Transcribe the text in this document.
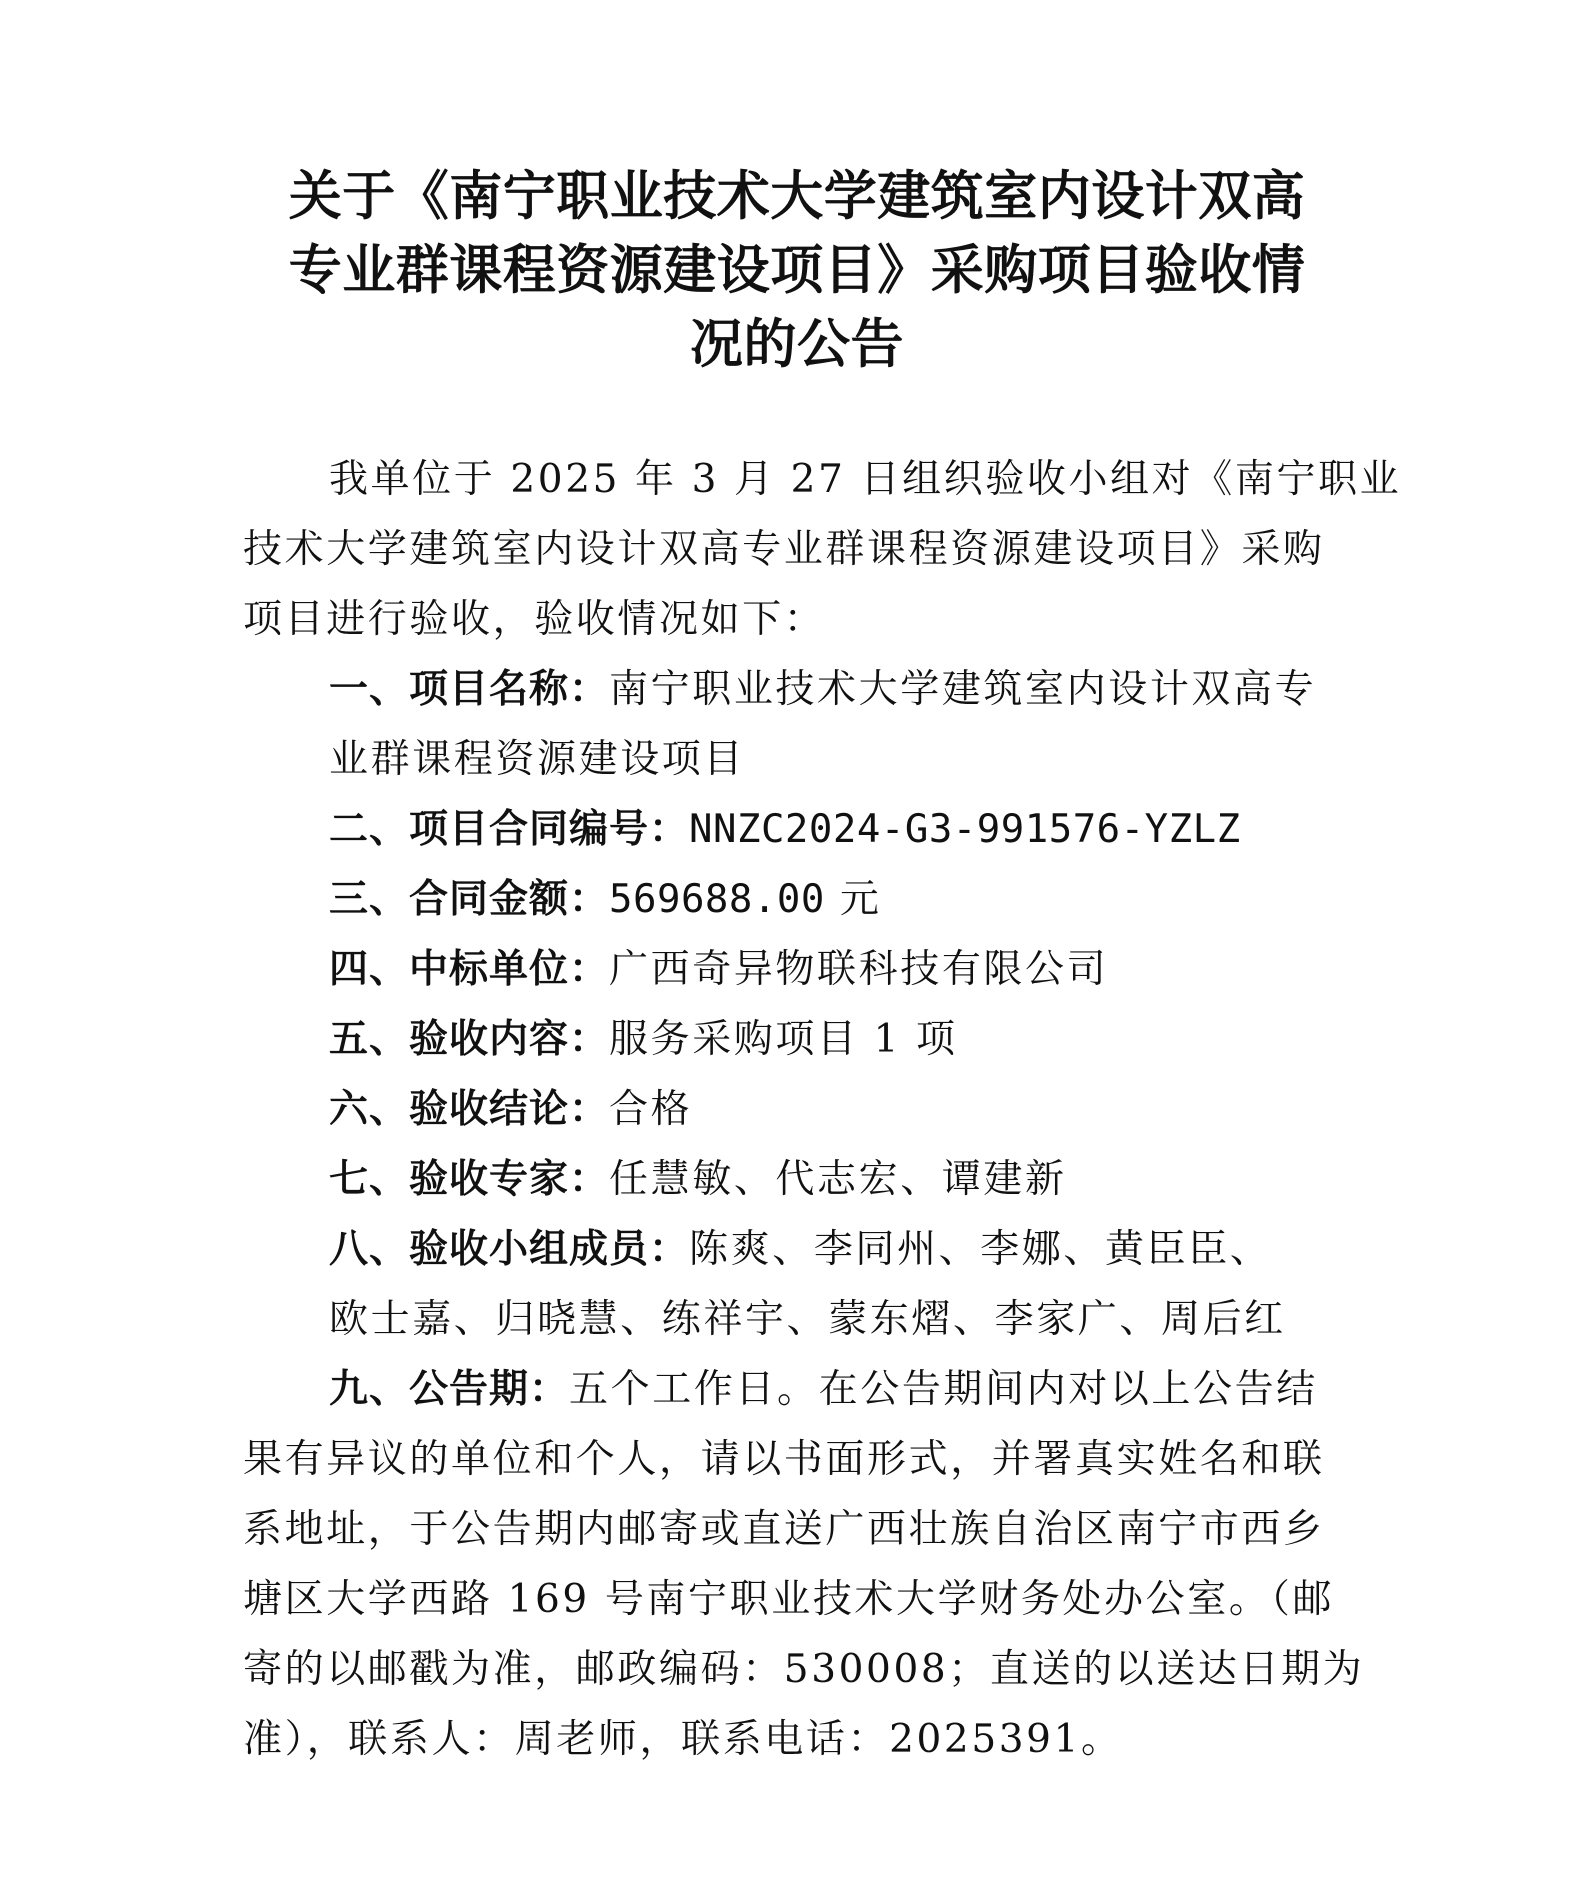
关于《南宁职业技术大学建筑室内设计双高
专业群课程资源建设项目》采购项目验收情
况的公告
我单位于 2025 年 3 月 27 日组织验收小组对《南宁职业
技术大学建筑室内设计双高专业群课程资源建设项目》采购
项目进行验收，验收情况如下：
一、项目名称：南宁职业技术大学建筑室内设计双高专
业群课程资源建设项目
二、项目合同编号：NNZC2024-G3-991576-YZLZ
三、合同金额：569688.00 元
四、中标单位：广西奇异物联科技有限公司
五、验收内容：服务采购项目 1 项
六、验收结论：合格
七、验收专家：任慧敏、代志宏、谭建新
八、验收小组成员：陈爽、李同州、李娜、黄臣臣、
欧士嘉、归晓慧、练祥宇、蒙东熠、李家广、周后红
九、公告期：五个工作日。在公告期间内对以上公告结
果有异议的单位和个人，请以书面形式，并署真实姓名和联
系地址，于公告期内邮寄或直送广西壮族自治区南宁市西乡
塘区大学西路 169 号南宁职业技术大学财务处办公室。（邮
寄的以邮戳为准，邮政编码：530008；直送的以送达日期为
准），联系人：周老师，联系电话：2025391。
